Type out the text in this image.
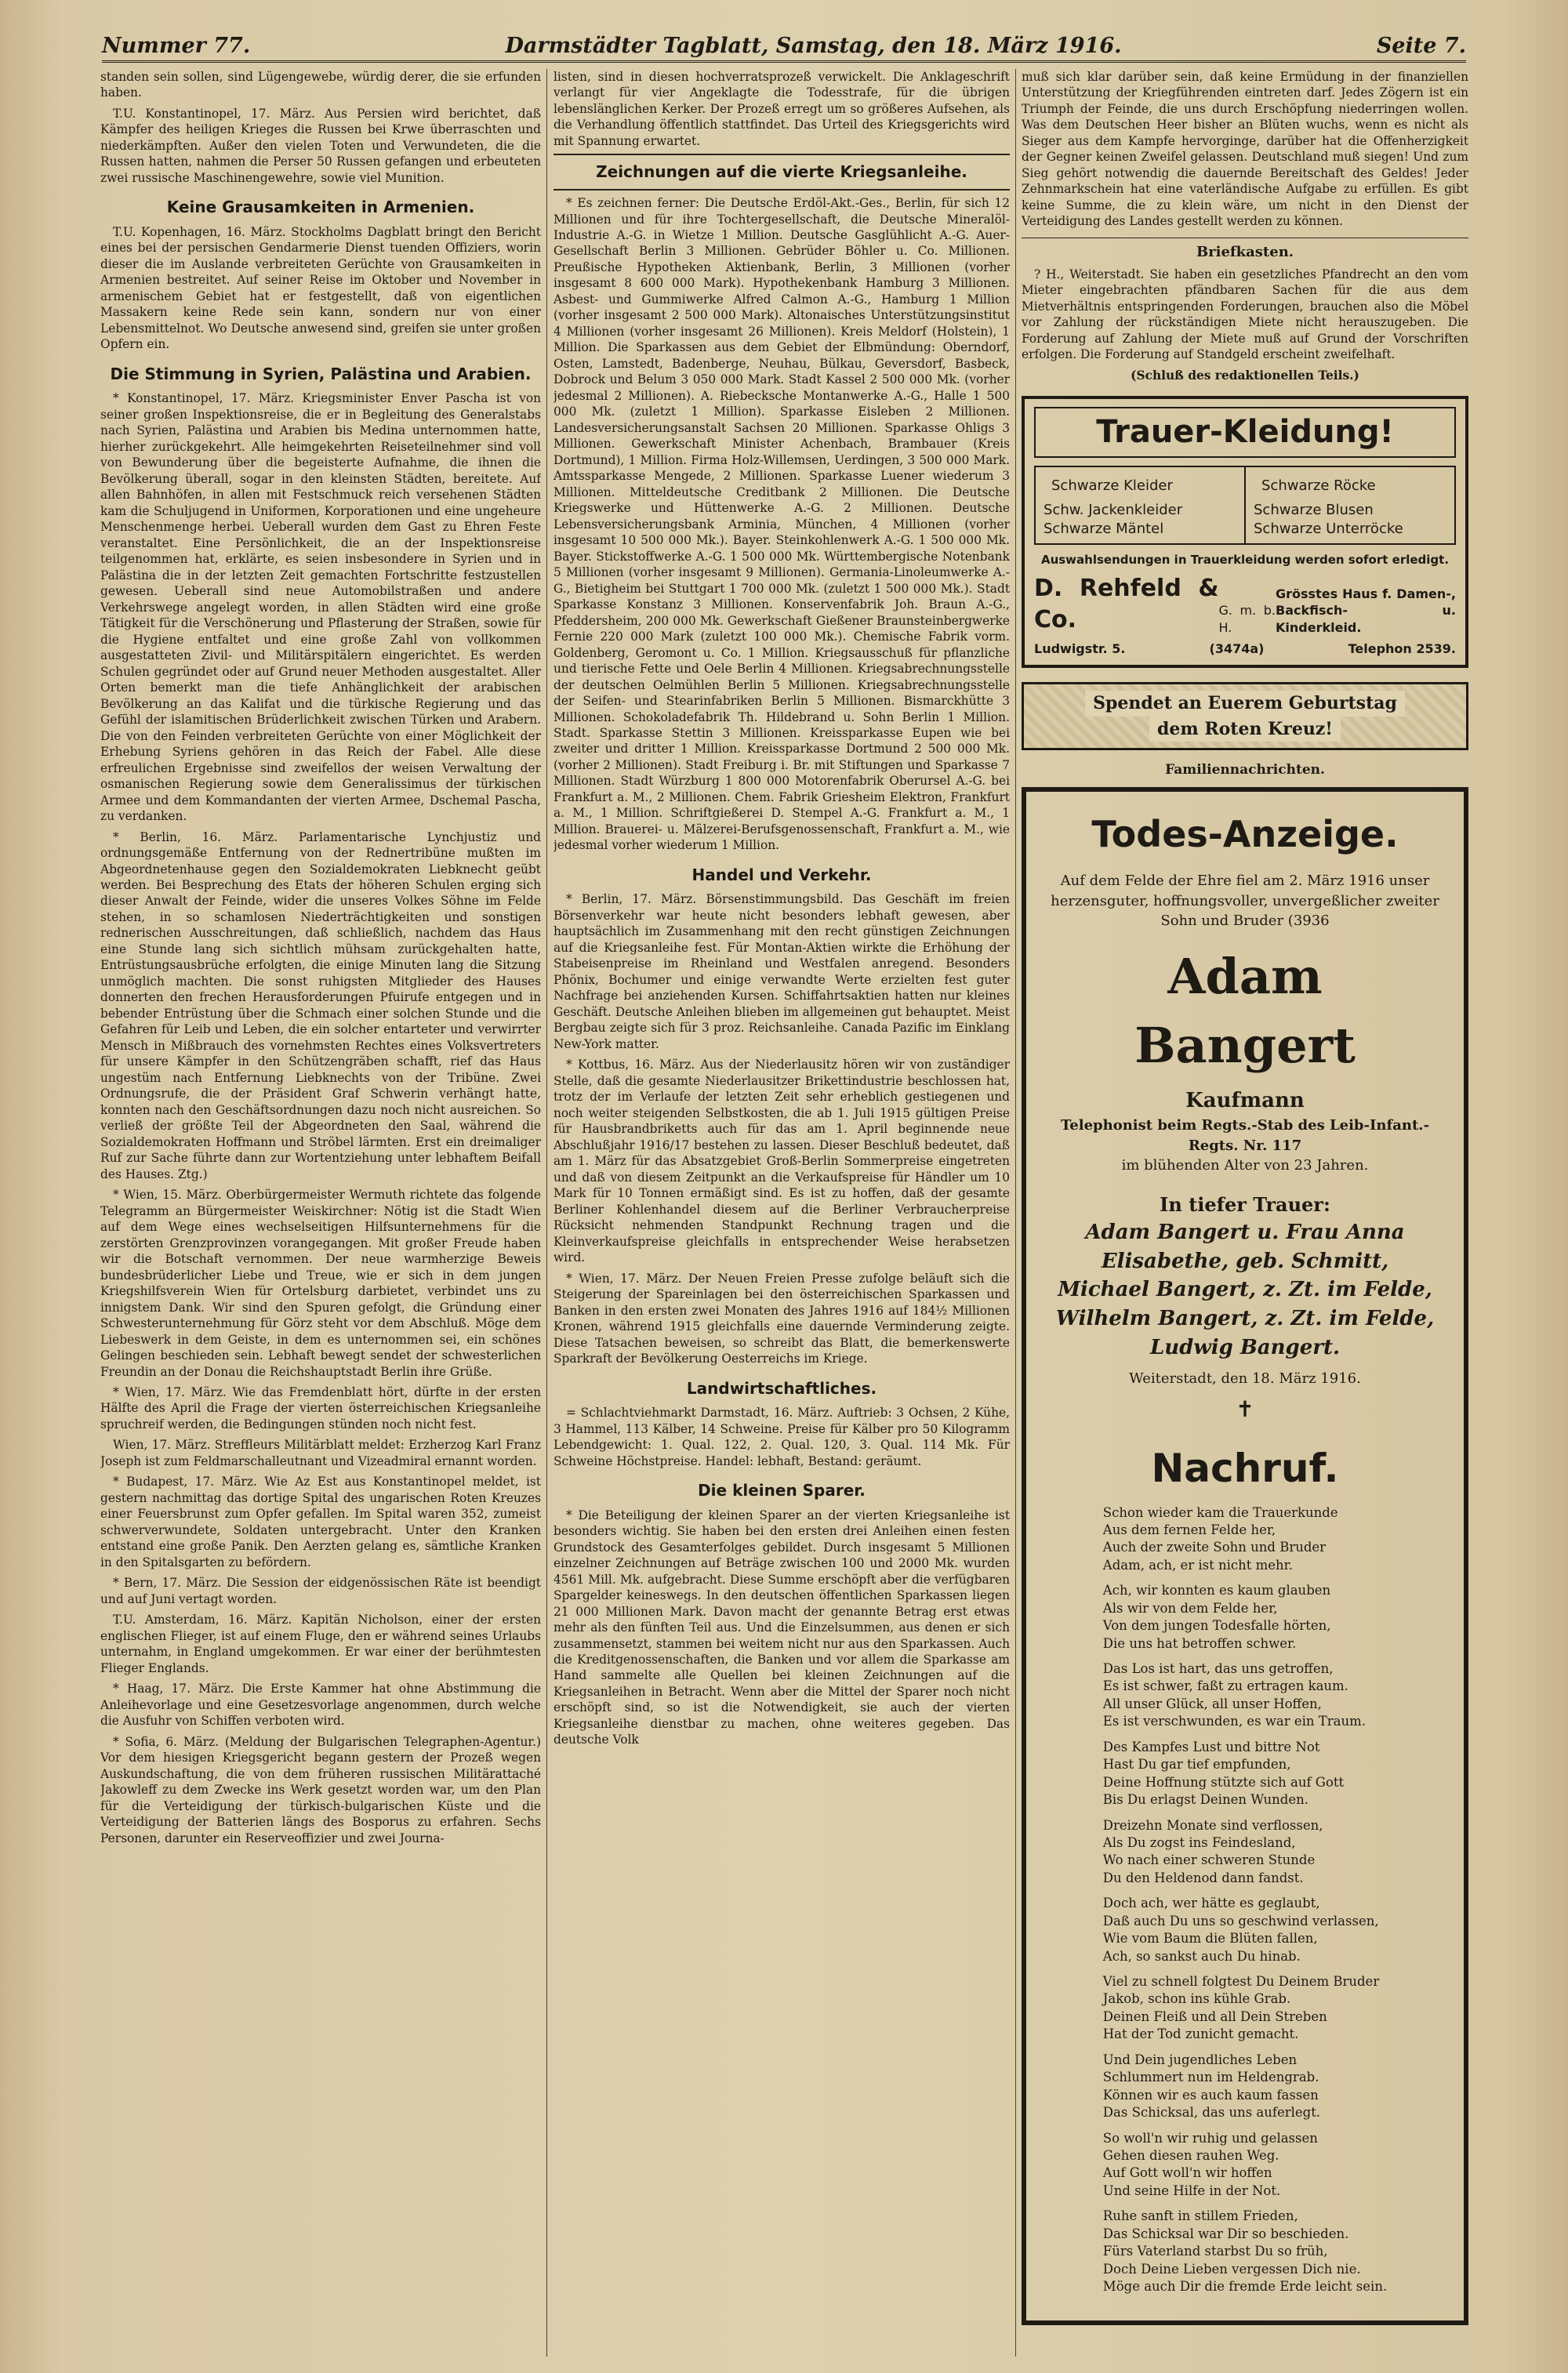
Nummer 77.	Darmstädter Tagblatt, Samstag, den 18. März 1916.	Seite 7.

standen sein sollen, sind Lügengewebe, würdig derer, die sie erfunden haben.

T.U. Konstantinopel, 17. März. Aus Persien wird berichtet, daß Kämpfer des heiligen Krieges die Russen bei Krwe überraschten und niederkämpften. Außer den vielen Toten und Verwundeten, die die Russen hatten, nahmen die Perser 50 Russen gefangen und erbeuteten zwei russische Maschinengewehre, sowie viel Munition.

Keine Grausamkeiten in Armenien.

T.U. Kopenhagen, 16. März. Stockholms Dagblatt bringt den Bericht eines bei der persischen Gendarmerie Dienst tuenden Offiziers, worin dieser die im Auslande verbreiteten Gerüchte von Grausamkeiten in Armenien bestreitet. Auf seiner Reise im Oktober und November in armenischem Gebiet hat er festgestellt, daß von eigentlichen Massakern keine Rede sein kann, sondern nur von einer Lebensmittelnot. Wo Deutsche anwesend sind, greifen sie unter großen Opfern ein.

Die Stimmung in Syrien, Palästina und Arabien.

* Konstantinopel, 17. März. Kriegsminister Enver Pascha ist von seiner großen Inspektionsreise, die er in Begleitung des Generalstabs nach Syrien, Palästina und Arabien bis Medina unternommen hatte, hierher zurückgekehrt. Alle heimgekehrten Reiseteilnehmer sind voll von Bewunderung über die begeisterte Aufnahme, die ihnen die Bevölkerung überall, sogar in den kleinsten Städten, bereitete. Auf allen Bahnhöfen, in allen mit Festschmuck reich versehenen Städten kam die Schuljugend in Uniformen, Korporationen und eine ungeheure Menschenmenge herbei. Ueberall wurden dem Gast zu Ehren Feste veranstaltet. Eine Persönlichkeit, die an der Inspektionsreise teilgenommen hat, erklärte, es seien insbesondere in Syrien und in Palästina die in der letzten Zeit gemachten Fortschritte festzustellen gewesen. Ueberall sind neue Automobilstraßen und andere Verkehrswege angelegt worden, in allen Städten wird eine große Tätigkeit für die Verschönerung und Pflasterung der Straßen, sowie für die Hygiene entfaltet und eine große Zahl von vollkommen ausgestatteten Zivil- und Militärspitälern eingerichtet. Es werden Schulen gegründet oder auf Grund neuer Methoden ausgestaltet. Aller Orten bemerkt man die tiefe Anhänglichkeit der arabischen Bevölkerung an das Kalifat und die türkische Regierung und das Gefühl der islamitischen Brüderlichkeit zwischen Türken und Arabern. Die von den Feinden verbreiteten Gerüchte von einer Möglichkeit der Erhebung Syriens gehören in das Reich der Fabel. Alle diese erfreulichen Ergebnisse sind zweifellos der weisen Verwaltung der osmanischen Regierung sowie dem Generalissimus der türkischen Armee und dem Kommandanten der vierten Armee, Dschemal Pascha, zu verdanken.

* Berlin, 16. März. Parlamentarische Lynchjustiz und ordnungsgemäße Entfernung von der Rednertribüne mußten im Abgeordnetenhause gegen den Sozialdemokraten Liebknecht geübt werden. Bei Besprechung des Etats der höheren Schulen erging sich dieser Anwalt der Feinde, wider die unseres Volkes Söhne im Felde stehen, in so schamlosen Niederträchtigkeiten und sonstigen rednerischen Ausschreitungen, daß schließlich, nachdem das Haus eine Stunde lang sich sichtlich mühsam zurückgehalten hatte, Entrüstungsausbrüche erfolgten, die einige Minuten lang die Sitzung unmöglich machten. Die sonst ruhigsten Mitglieder des Hauses donnerten den frechen Herausforderungen Pfuirufe entgegen und in bebender Entrüstung über die Schmach einer solchen Stunde und die Gefahren für Leib und Leben, die ein solcher entarteter und verwirrter Mensch in Mißbrauch des vornehmsten Rechtes eines Volksvertreters für unsere Kämpfer in den Schützengräben schafft, rief das Haus ungestüm nach Entfernung Liebknechts von der Tribüne. Zwei Ordnungsrufe, die der Präsident Graf Schwerin verhängt hatte, konnten nach den Geschäftsordnungen dazu noch nicht ausreichen. So verließ der größte Teil der Abgeordneten den Saal, während die Sozialdemokraten Hoffmann und Ströbel lärmten. Erst ein dreimaliger Ruf zur Sache führte dann zur Wortentziehung unter lebhaftem Beifall des Hauses. Ztg.)

* Wien, 15. März. Oberbürgermeister Wermuth richtete das folgende Telegramm an Bürgermeister Weiskirchner: Nötig ist die Stadt Wien auf dem Wege eines wechselseitigen Hilfsunternehmens für die zerstörten Grenzprovinzen vorangegangen. Mit großer Freude haben wir die Botschaft vernommen. Der neue warmherzige Beweis bundesbrüderlicher Liebe und Treue, wie er sich in dem jungen Kriegshilfsverein Wien für Ortelsburg darbietet, verbindet uns zu innigstem Dank. Wir sind den Spuren gefolgt, die Gründung einer Schwesterunternehmung für Görz steht vor dem Abschluß. Möge dem Liebeswerk in dem Geiste, in dem es unternommen sei, ein schönes Gelingen beschieden sein. Lebhaft bewegt sendet der schwesterlichen Freundin an der Donau die Reichshauptstadt Berlin ihre Grüße.

* Wien, 17. März. Wie das Fremdenblatt hört, dürfte in der ersten Hälfte des April die Frage der vierten österreichischen Kriegsanleihe spruchreif werden, die Bedingungen stünden noch nicht fest.

Wien, 17. März. Streffleurs Militärblatt meldet: Erzherzog Karl Franz Joseph ist zum Feldmarschalleutnant und Vizeadmiral ernannt worden.

* Budapest, 17. März. Wie Az Est aus Konstantinopel meldet, ist gestern nachmittag das dortige Spital des ungarischen Roten Kreuzes einer Feuersbrunst zum Opfer gefallen. Im Spital waren 352, zumeist schwerverwundete, Soldaten untergebracht. Unter den Kranken entstand eine große Panik. Den Aerzten gelang es, sämtliche Kranken in den Spitalsgarten zu befördern.

* Bern, 17. März. Die Session der eidgenössischen Räte ist beendigt und auf Juni vertagt worden.

T.U. Amsterdam, 16. März. Kapitän Nicholson, einer der ersten englischen Flieger, ist auf einem Fluge, den er während seines Urlaubs unternahm, in England umgekommen. Er war einer der berühmtesten Flieger Englands.

* Haag, 17. März. Die Erste Kammer hat ohne Abstimmung die Anleihevorlage und eine Gesetzesvorlage angenommen, durch welche die Ausfuhr von Schiffen verboten wird.

* Sofia, 6. März. (Meldung der Bulgarischen Telegraphen-Agentur.) Vor dem hiesigen Kriegsgericht begann gestern der Prozeß wegen Auskundschaftung, die von dem früheren russischen Militärattaché Jakowleff zu dem Zwecke ins Werk gesetzt worden war, um den Plan für die Verteidigung der türkisch-bulgarischen Küste und die Verteidigung der Batterien längs des Bosporus zu erfahren. Sechs Personen, darunter ein Reserveoffizier und zwei Journa-

listen, sind in diesen hochverratsprozeß verwickelt. Die Anklageschrift verlangt für vier Angeklagte die Todesstrafe, für die übrigen lebenslänglichen Kerker. Der Prozeß erregt um so größeres Aufsehen, als die Verhandlung öffentlich stattfindet. Das Urteil des Kriegsgerichts wird mit Spannung erwartet.

Zeichnungen auf die vierte Kriegsanleihe.

* Es zeichnen ferner: Die Deutsche Erdöl-Akt.-Ges., Berlin, für sich 12 Millionen und für ihre Tochtergesellschaft, die Deutsche Mineralöl-Industrie A.-G. in Wietze 1 Million. Deutsche Gasglühlicht A.-G. Auer-Gesellschaft Berlin 3 Millionen. Gebrüder Böhler u. Co. Millionen. Preußische Hypotheken Aktienbank, Berlin, 3 Millionen (vorher insgesamt 8 600 000 Mark). Hypothekenbank Hamburg 3 Millionen. Asbest- und Gummiwerke Alfred Calmon A.-G., Hamburg 1 Million (vorher insgesamt 2 500 000 Mark). Altonaisches Unterstützungsinstitut 4 Millionen (vorher insgesamt 26 Millionen). Kreis Meldorf (Holstein), 1 Million. Die Sparkassen aus dem Gebiet der Elbmündung: Oberndorf, Osten, Lamstedt, Badenberge, Neuhau, Bülkau, Geversdorf, Basbeck, Dobrock und Belum 3 050 000 Mark. Stadt Kassel 2 500 000 Mk. (vorher jedesmal 2 Millionen). A. Riebecksche Montanwerke A.-G., Halle 1 500 000 Mk. (zuletzt 1 Million). Sparkasse Eisleben 2 Millionen. Landesversicherungsanstalt Sachsen 20 Millionen. Sparkasse Ohligs 3 Millionen. Gewerkschaft Minister Achenbach, Brambauer (Kreis Dortmund), 1 Million. Firma Holz-Willemsen, Uerdingen, 3 500 000 Mark. Amtssparkasse Mengede, 2 Millionen. Sparkasse Luener wiederum 3 Millionen. Mitteldeutsche Creditbank 2 Millionen. Die Deutsche Kriegswerke und Hüttenwerke A.-G. 2 Millionen. Deutsche Lebensversicherungsbank Arminia, München, 4 Millionen (vorher insgesamt 10 500 000 Mk.). Bayer. Steinkohlenwerk A.-G. 1 500 000 Mk. Bayer. Stickstoffwerke A.-G. 1 500 000 Mk. Württembergische Notenbank 5 Millionen (vorher insgesamt 9 Millionen). Germania-Linoleumwerke A.-G., Bietigheim bei Stuttgart 1 700 000 Mk. (zuletzt 1 500 000 Mk.). Stadt Sparkasse Konstanz 3 Millionen. Konservenfabrik Joh. Braun A.-G., Pfeddersheim, 200 000 Mk. Gewerkschaft Gießener Braunsteinbergwerke Fernie 220 000 Mark (zuletzt 100 000 Mk.). Chemische Fabrik vorm. Goldenberg, Geromont u. Co. 1 Million. Kriegsausschuß für pflanzliche und tierische Fette und Oele Berlin 4 Millionen. Kriegsabrechnungsstelle der deutschen Oelmühlen Berlin 5 Millionen. Kriegsabrechnungsstelle der Seifen- und Stearinfabriken Berlin 5 Millionen. Bismarckhütte 3 Millionen. Schokoladefabrik Th. Hildebrand u. Sohn Berlin 1 Million. Stadt. Sparkasse Stettin 3 Millionen. Kreissparkasse Eupen wie bei zweiter und dritter 1 Million. Kreissparkasse Dortmund 2 500 000 Mk. (vorher 2 Millionen). Stadt Freiburg i. Br. mit Stiftungen und Sparkasse 7 Millionen. Stadt Würzburg 1 800 000 Motorenfabrik Oberursel A.-G. bei Frankfurt a. M., 2 Millionen. Chem. Fabrik Griesheim Elektron, Frankfurt a. M., 1 Million. Schriftgießerei D. Stempel A.-G. Frankfurt a. M., 1 Million. Brauerei- u. Mälzerei-Berufsgenossenschaft, Frankfurt a. M., wie jedesmal vorher wiederum 1 Million.

Handel und Verkehr.

* Berlin, 17. März. Börsenstimmungsbild. Das Geschäft im freien Börsenverkehr war heute nicht besonders lebhaft gewesen, aber hauptsächlich im Zusammenhang mit den recht günstigen Zeichnungen auf die Kriegsanleihe fest. Für Montan-Aktien wirkte die Erhöhung der Stabeisenpreise im Rheinland und Westfalen anregend. Besonders Phönix, Bochumer und einige verwandte Werte erzielten fest guter Nachfrage bei anziehenden Kursen. Schiffahrtsaktien hatten nur kleines Geschäft. Deutsche Anleihen blieben im allgemeinen gut behauptet. Meist Bergbau zeigte sich für 3 proz. Reichsanleihe. Canada Pazific im Einklang New-York matter.

* Kottbus, 16. März. Aus der Niederlausitz hören wir von zuständiger Stelle, daß die gesamte Niederlausitzer Brikettindustrie beschlossen hat, trotz der im Verlaufe der letzten Zeit sehr erheblich gestiegenen und noch weiter steigenden Selbstkosten, die ab 1. Juli 1915 gültigen Preise für Hausbrandbriketts auch für das am 1. April beginnende neue Abschlußjahr 1916/17 bestehen zu lassen. Dieser Beschluß bedeutet, daß am 1. März für das Absatzgebiet Groß-Berlin Sommerpreise eingetreten und daß von diesem Zeitpunkt an die Verkaufspreise für Händler um 10 Mark für 10 Tonnen ermäßigt sind. Es ist zu hoffen, daß der gesamte Berliner Kohlenhandel diesem auf die Berliner Verbraucherpreise Rücksicht nehmenden Standpunkt Rechnung tragen und die Kleinverkaufspreise gleichfalls in entsprechender Weise herabsetzen wird.

* Wien, 17. März. Der Neuen Freien Presse zufolge beläuft sich die Steigerung der Spareinlagen bei den österreichischen Sparkassen und Banken in den ersten zwei Monaten des Jahres 1916 auf 184½ Millionen Kronen, während 1915 gleichfalls eine dauernde Verminderung zeigte. Diese Tatsachen beweisen, so schreibt das Blatt, die bemerkenswerte Sparkraft der Bevölkerung Oesterreichs im Kriege.

Landwirtschaftliches.

= Schlachtviehmarkt Darmstadt, 16. März. Auftrieb: 3 Ochsen, 2 Kühe, 3 Hammel, 113 Kälber, 14 Schweine. Preise für Kälber pro 50 Kilogramm Lebendgewicht: 1. Qual. 122, 2. Qual. 120, 3. Qual. 114 Mk. Für Schweine Höchstpreise. Handel: lebhaft, Bestand: geräumt.

Die kleinen Sparer.

* Die Beteiligung der kleinen Sparer an der vierten Kriegsanleihe ist besonders wichtig. Sie haben bei den ersten drei Anleihen einen festen Grundstock des Gesamterfolges gebildet. Durch insgesamt 5 Millionen einzelner Zeichnungen auf Beträge zwischen 100 und 2000 Mk. wurden 4561 Mill. Mk. aufgebracht. Diese Summe erschöpft aber die verfügbaren Spargelder keineswegs. In den deutschen öffentlichen Sparkassen liegen 21 000 Millionen Mark. Davon macht der genannte Betrag erst etwas mehr als den fünften Teil aus. Und die Einzelsummen, aus denen er sich zusammensetzt, stammen bei weitem nicht nur aus den Sparkassen. Auch die Kreditgenossenschaften, die Banken und vor allem die Sparkasse am Hand sammelte alle Quellen bei kleinen Zeichnungen auf die Kriegsanleihen in Betracht. Wenn aber die Mittel der Sparer noch nicht erschöpft sind, so ist die Notwendigkeit, sie auch der vierten Kriegsanleihe dienstbar zu machen, ohne weiteres gegeben. Das deutsche Volk

muß sich klar darüber sein, daß keine Ermüdung in der finanziellen Unterstützung der Kriegführenden eintreten darf. Jedes Zögern ist ein Triumph der Feinde, die uns durch Erschöpfung niederringen wollen. Was dem Deutschen Heer bisher an Blüten wuchs, wenn es nicht als Sieger aus dem Kampfe hervorginge, darüber hat die Offenherzigkeit der Gegner keinen Zweifel gelassen. Deutschland muß siegen! Und zum Sieg gehört notwendig die dauernde Bereitschaft des Geldes! Jeder Zehnmarkschein hat eine vaterländische Aufgabe zu erfüllen. Es gibt keine Summe, die zu klein wäre, um nicht in den Dienst der Verteidigung des Landes gestellt werden zu können.

Briefkasten.

? H., Weiterstadt. Sie haben ein gesetzliches Pfandrecht an den vom Mieter eingebrachten pfändbaren Sachen für die aus dem Mietverhältnis entspringenden Forderungen, brauchen also die Möbel vor Zahlung der rückständigen Miete nicht herauszugeben. Die Forderung auf Zahlung der Miete muß auf Grund der Vorschriften erfolgen. Die Forderung auf Standgeld erscheint zweifelhaft.

(Schluß des redaktionellen Teils.)

Trauer-Kleidung!
Schwarze Kleider
Schw. Jackenkleider
Schwarze Mäntel
Schwarze Röcke
Schwarze Blusen
Schwarze Unterröcke
Auswahlsendungen in Trauerkleidung werden sofort erledigt.
D. Rehfeld & Co.	G. m. b. H.
Grösstes Haus f. Damen-, Backfisch- u. Kinderkleid.
Ludwigstr. 5.	(3474a)	Telephon 2539.
Spendet an Euerem Geburtstag
dem Roten Kreuz!
Familiennachrichten.
Todes-Anzeige.
Auf dem Felde der Ehre fiel am 2. März 1916 unser herzensguter, hoffnungsvoller, unvergeßlicher zweiter Sohn und Bruder (3936
Adam Bangert
Kaufmann
Telephonist beim Regts.-Stab des Leib-Infant.-Regts. Nr. 117
im blühenden Alter von 23 Jahren.
In tiefer Trauer:
Adam Bangert u. Frau Anna
Elisabethe, geb. Schmitt,
Michael Bangert, z. Zt. im Felde,
Wilhelm Bangert, z. Zt. im Felde,
Ludwig Bangert.
Weiterstadt, den 18. März 1916.
✝
Nachruf.
Schon wieder kam die Trauerkunde
Aus dem fernen Felde her,
Auch der zweite Sohn und Bruder
Adam, ach, er ist nicht mehr.
Ach, wir konnten es kaum glauben
Als wir von dem Felde her,
Von dem jungen Todesfalle hörten,
Die uns hat betroffen schwer.
Das Los ist hart, das uns getroffen,
Es ist schwer, faßt zu ertragen kaum.
All unser Glück, all unser Hoffen,
Es ist verschwunden, es war ein Traum.
Des Kampfes Lust und bittre Not
Hast Du gar tief empfunden,
Deine Hoffnung stützte sich auf Gott
Bis Du erlagst Deinen Wunden.
Dreizehn Monate sind verflossen,
Als Du zogst ins Feindesland,
Wo nach einer schweren Stunde
Du den Heldenod dann fandst.
Doch ach, wer hätte es geglaubt,
Daß auch Du uns so geschwind verlassen,
Wie vom Baum die Blüten fallen,
Ach, so sankst auch Du hinab.
Viel zu schnell folgtest Du Deinem Bruder
Jakob, schon ins kühle Grab.
Deinen Fleiß und all Dein Streben
Hat der Tod zunicht gemacht.
Und Dein jugendliches Leben
Schlummert nun im Heldengrab.
Können wir es auch kaum fassen
Das Schicksal, das uns auferlegt.
So woll'n wir ruhig und gelassen
Gehen diesen rauhen Weg.
Auf Gott woll'n wir hoffen
Und seine Hilfe in der Not.
Ruhe sanft in stillem Frieden,
Das Schicksal war Dir so beschieden.
Fürs Vaterland starbst Du so früh,
Doch Deine Lieben vergessen Dich nie.
Möge auch Dir die fremde Erde leicht sein.
